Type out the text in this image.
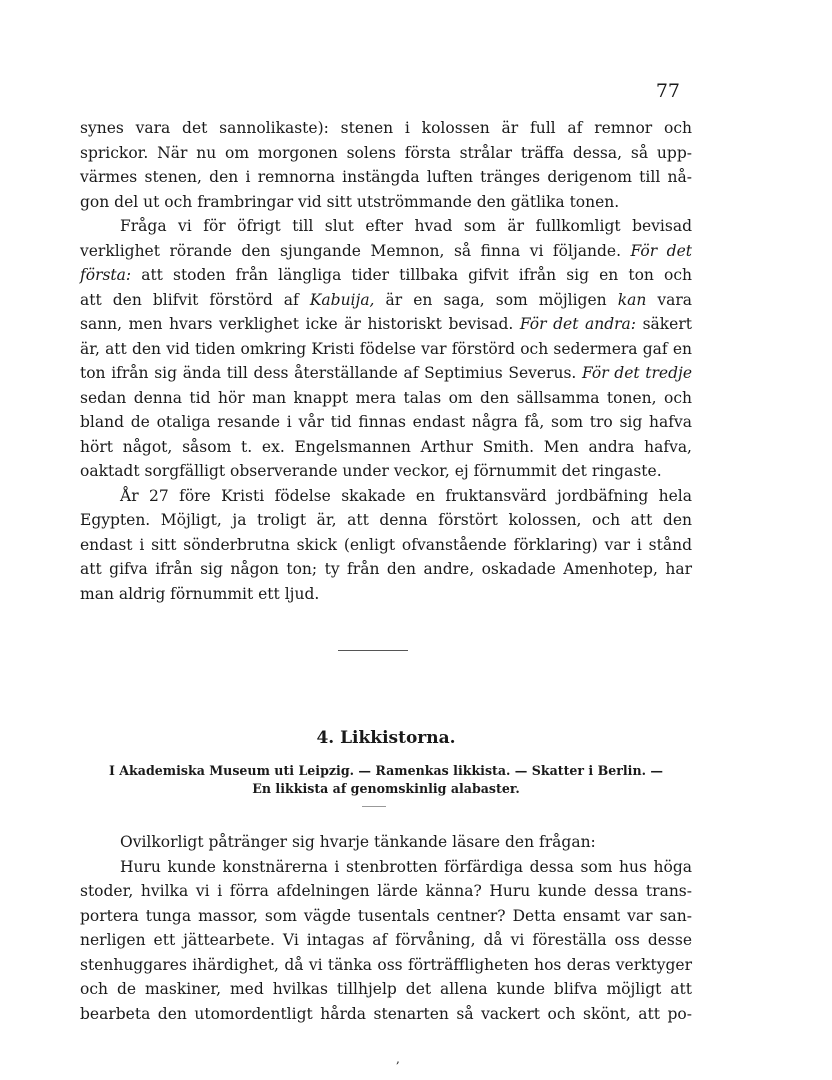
77
synes vara det sannolikaste): stenen i kolossen är full af remnor och
sprickor. När nu om morgonen solens första strålar träffa dessa, så upp-
värmes stenen, den i remnorna instängda luften tränges derigenom till nå-
gon del ut och frambringar vid sitt utströmmande den gätlika tonen.
Fråga vi för öfrigt till slut efter hvad som är fullkomligt bevisad
verklighet rörande den sjungande Memnon, så finna vi följande. För det
första: att stoden från längliga tider tillbaka gifvit ifrån sig en ton och
att den blifvit förstörd af Kabuija, är en saga, som möjligen kan vara
sann, men hvars verklighet icke är historiskt bevisad. För det andra: säkert
är, att den vid tiden omkring Kristi födelse var förstörd och sedermera gaf en
ton ifrån sig ända till dess återställande af Septimius Severus. För det tredje
sedan denna tid hör man knappt mera talas om den sällsamma tonen, och
bland de otaliga resande i vår tid finnas endast några få, som tro sig hafva
hört något, såsom t. ex. Engelsmannen Arthur Smith. Men andra hafva,
oaktadt sorgfälligt observerande under veckor, ej förnummit det ringaste.
År 27 före Kristi födelse skakade en fruktansvärd jordbäfning hela
Egypten. Möjligt, ja troligt är, att denna förstört kolossen, och att den
endast i sitt sönderbrutna skick (enligt ofvanstående förklaring) var i stånd
att gifva ifrån sig någon ton; ty från den andre, oskadade Amenhotep, har
man aldrig förnummit ett ljud.
4. Likkistorna.
I Akademiska Museum uti Leipzig. — Ramenkas likkista. — Skatter i Berlin. —
En likkista af genomskinlig alabaster.
Ovilkorligt påtränger sig hvarje tänkande läsare den frågan:
Huru kunde konstnärerna i stenbrotten förfärdiga dessa som hus höga
stoder, hvilka vi i förra afdelningen lärde känna? Huru kunde dessa trans-
portera tunga massor, som vägde tusentals centner? Detta ensamt var san-
nerligen ett jättearbete. Vi intagas af förvåning, då vi föreställa oss desse
stenhuggares ihärdighet, då vi tänka oss förträffligheten hos deras verktyger
och de maskiner, med hvilkas tillhjelp det allena kunde blifva möjligt att
bearbeta den utomordentligt hårda stenarten så vackert och skönt, att po-
,
